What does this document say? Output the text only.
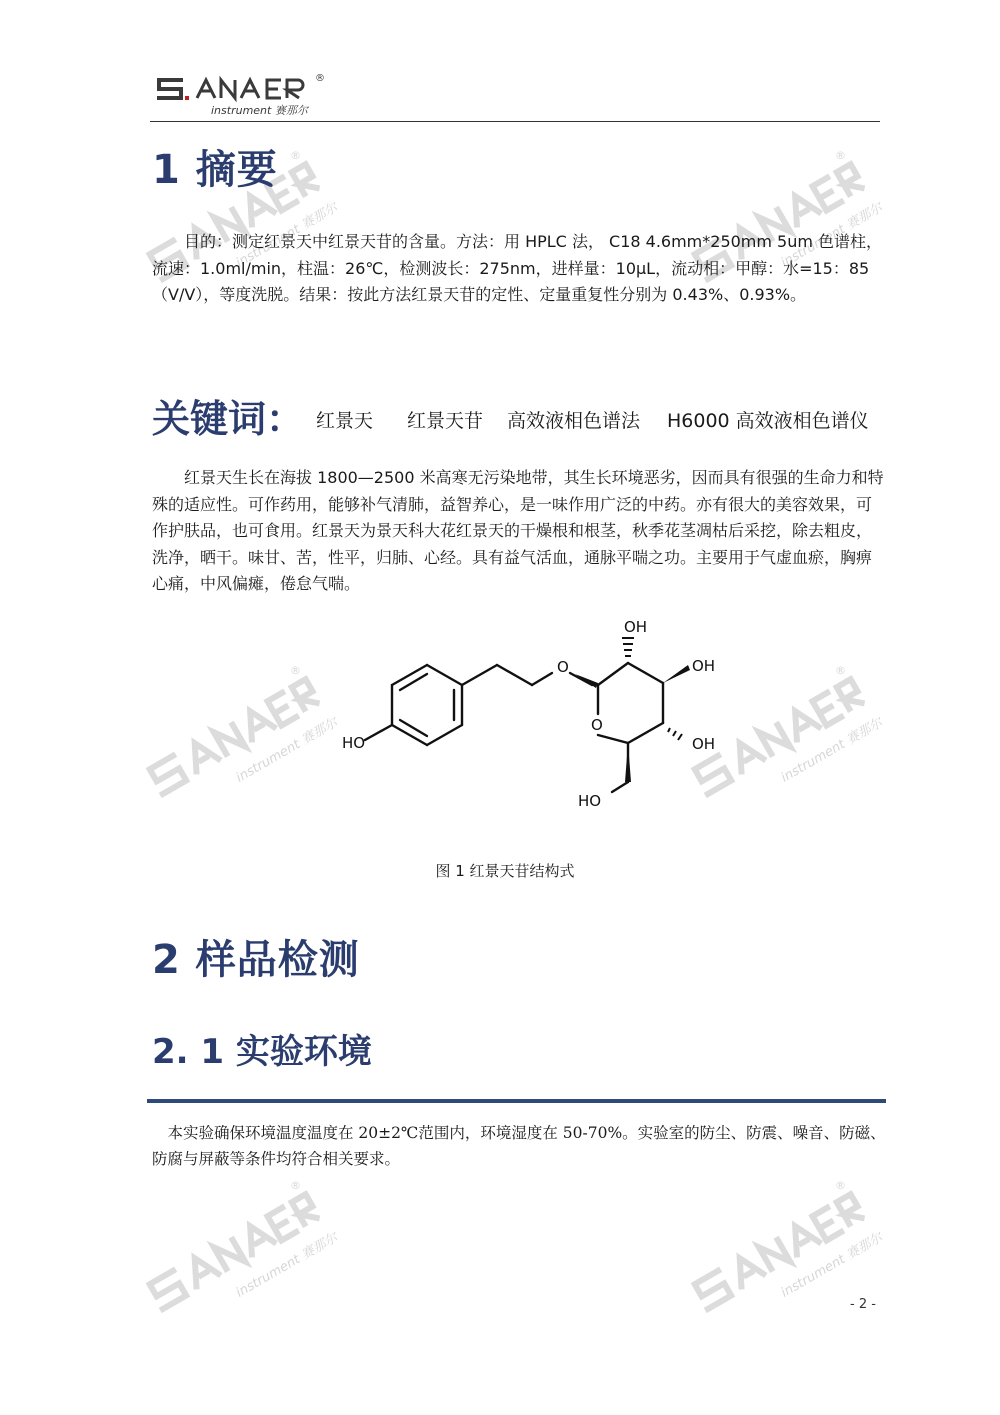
instrument 赛那尔
®
instrument 赛那尔
®
instrument 赛那尔
®
instrument 赛那尔
®
instrument 赛那尔
®
instrument 赛那尔
®
®
instrument 赛那尔
1 摘要

目的：测定红景天中红景天苷的含量。方法：用 HPLC 法， C18 4.6mm*250mm 5um 色谱柱，流速：1.0ml/min，柱温：26℃，检测波长：275nm，进样量：10μL，流动相：甲醇：水=15：85（V/V），等度洗脱。结果：按此方法红景天苷的定性、定量重复性分别为 0.43%、0.93%。

关键词： 红景天 红景天苷 高效液相色谱法 H6000 高效液相色谱仪

红景天生长在海拔 1800—2500 米高寒无污染地带，其生长环境恶劣，因而具有很强的生命力和特殊的适应性。可作药用，能够补气清肺，益智养心，是一味作用广泛的中药。亦有很大的美容效果，可作护肤品，也可食用。红景天为景天科大花红景天的干燥根和根茎，秋季花茎凋枯后采挖，除去粗皮，洗净，晒干。味甘、苦，性平，归肺、心经。具有益气活血，通脉平喘之功。主要用于气虚血瘀，胸痹心痛，中风偏瘫，倦怠气喘。

O
OH
OH
OH
HO
HO
O
图 1 红景天苷结构式
2 样品检测
2. 1 实验环境

本实验确保环境温度温度在 20±2℃范围内，环境湿度在 50-70%。实验室的防尘、防震、噪音、防磁、防腐与屏蔽等条件均符合相关要求。

- 2 -
